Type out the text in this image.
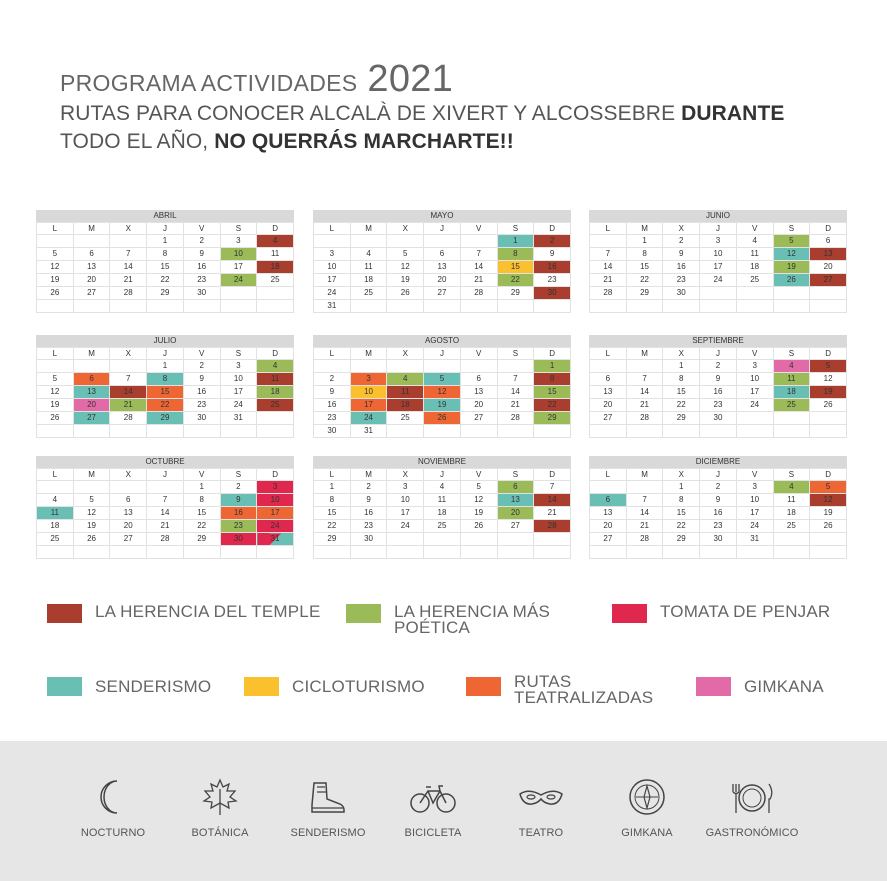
PROGRAMA ACTIVIDADES 2021
RUTAS PARA CONOCER ALCALÀ DE XIVERT Y ALCOSSEBRE DURANTE
TODO EL AÑO, NO QUERRÁS MARCHARTE!!
ABRIL
L	M	X	J	V	S	D
			1	2	3	4
5	6	7	8	9	10	11
12	13	14	15	16	17	18
19	20	21	22	23	24	25
26	27	28	29	30		

MAYO
L	M	X	J	V	S	D
					1	2
3	4	5	6	7	8	9
10	11	12	13	14	15	16
17	18	19	20	21	22	23
24	25	26	27	28	29	30
31						
JUNIO
L	M	X	J	V	S	D
	1	2	3	4	5	6
7	8	9	10	11	12	13
14	15	16	17	18	19	20
21	22	23	24	25	26	27
28	29	30				

JULIO
L	M	X	J	V	S	D
			1	2	3	4
5	6	7	8	9	10	11
12	13	14	15	16	17	18
19	20	21	22	23	24	25
26	27	28	29	30	31	

AGOSTO
L	M	X	J	V	S	D
						1
2	3	4	5	6	7	8
9	10	11	12	13	14	15
16	17	18	19	20	21	22
23	24	25	26	27	28	29
30	31					
SEPTIEMBRE
L	M	X	J	V	S	D
		1	2	3	4	5
6	7	8	9	10	11	12
13	14	15	16	17	18	19
20	21	22	23	24	25	26
27	28	29	30			

OCTUBRE
L	M	X	J	V	S	D
				1	2	3
4	5	6	7	8	9	10
11	12	13	14	15	16	17
18	19	20	21	22	23	24
25	26	27	28	29	30	31

NOVIEMBRE
L	M	X	J	V	S	D
1	2	3	4	5	6	7
8	9	10	11	12	13	14
15	16	17	18	19	20	21
22	23	24	25	26	27	28
29	30					

DICIEMBRE
L	M	X	J	V	S	D
		1	2	3	4	5
6	7	8	9	10	11	12
13	14	15	16	17	18	19
20	21	22	23	24	25	26
27	28	29	30	31		

LA HERENCIA DEL TEMPLE	LA HERENCIA MÁS POÉTICA
TOMATA DE PENJAR
SENDERISMO	CICLOTURISMO	RUTAS TEATRALIZADAS
GIMKANA
NOCTURNO	BOTÁNICA	SENDERISMO	BICICLETA	TEATRO	GIMKANA	GASTRONÓMICO
